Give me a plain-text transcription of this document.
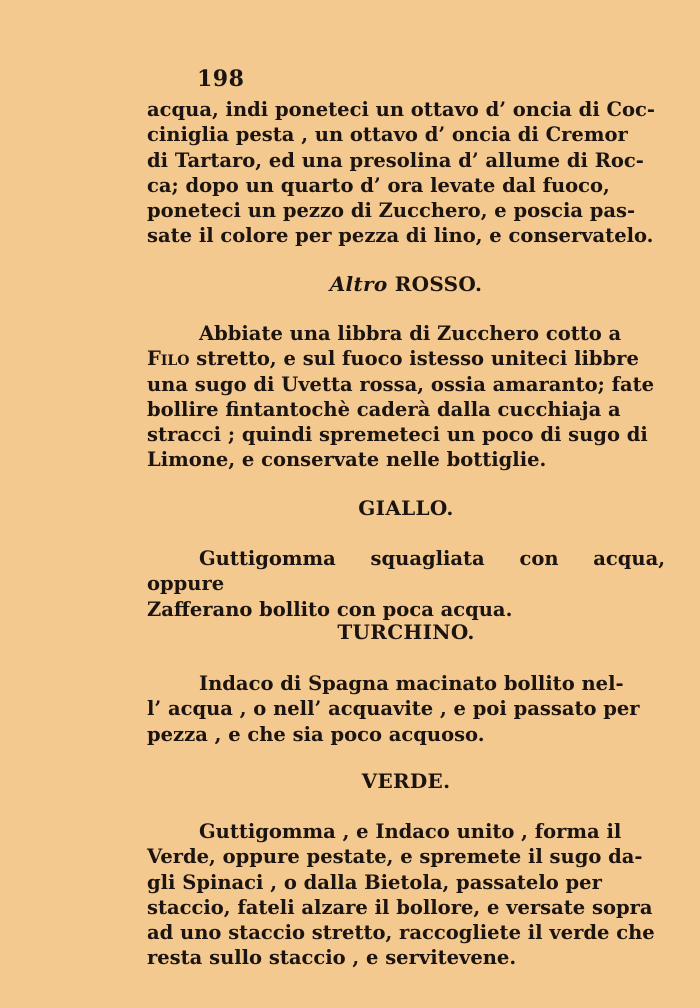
198
acqua, indi poneteci un ottavo d’ oncia di Coc-
ciniglia pesta , un ottavo d’ oncia di Cremor
di Tartaro, ed una presolina d’ allume di Roc-
ca; dopo un quarto d’ ora levate dal fuoco,
poneteci un pezzo di Zucchero, e poscia pas-
sate il colore per pezza di lino, e conservatelo.
Altro ROSSO.
Abbiate una libbra di Zucchero cotto a
Filo stretto, e sul fuoco istesso uniteci libbre
una sugo di Uvetta rossa, ossia amaranto; fate
bollire fintantochè caderà dalla cucchiaja a
stracci ; quindi spremeteci un poco di sugo di
Limone, e conservate nelle bottiglie.
GIALLO.
Guttigomma squagliata con acqua, oppure
Zafferano bollito con poca acqua.
TURCHINO.
Indaco di Spagna macinato bollito nel-
l’ acqua , o nell’ acquavite , e poi passato per
pezza , e che sia poco acquoso.
VERDE.
Guttigomma , e Indaco unito , forma il
Verde, oppure pestate, e spremete il sugo da-
gli Spinaci , o dalla Bietola, passatelo per
staccio, fateli alzare il bollore, e versate sopra
ad uno staccio stretto, raccogliete il verde che
resta sullo staccio , e servitevene.
